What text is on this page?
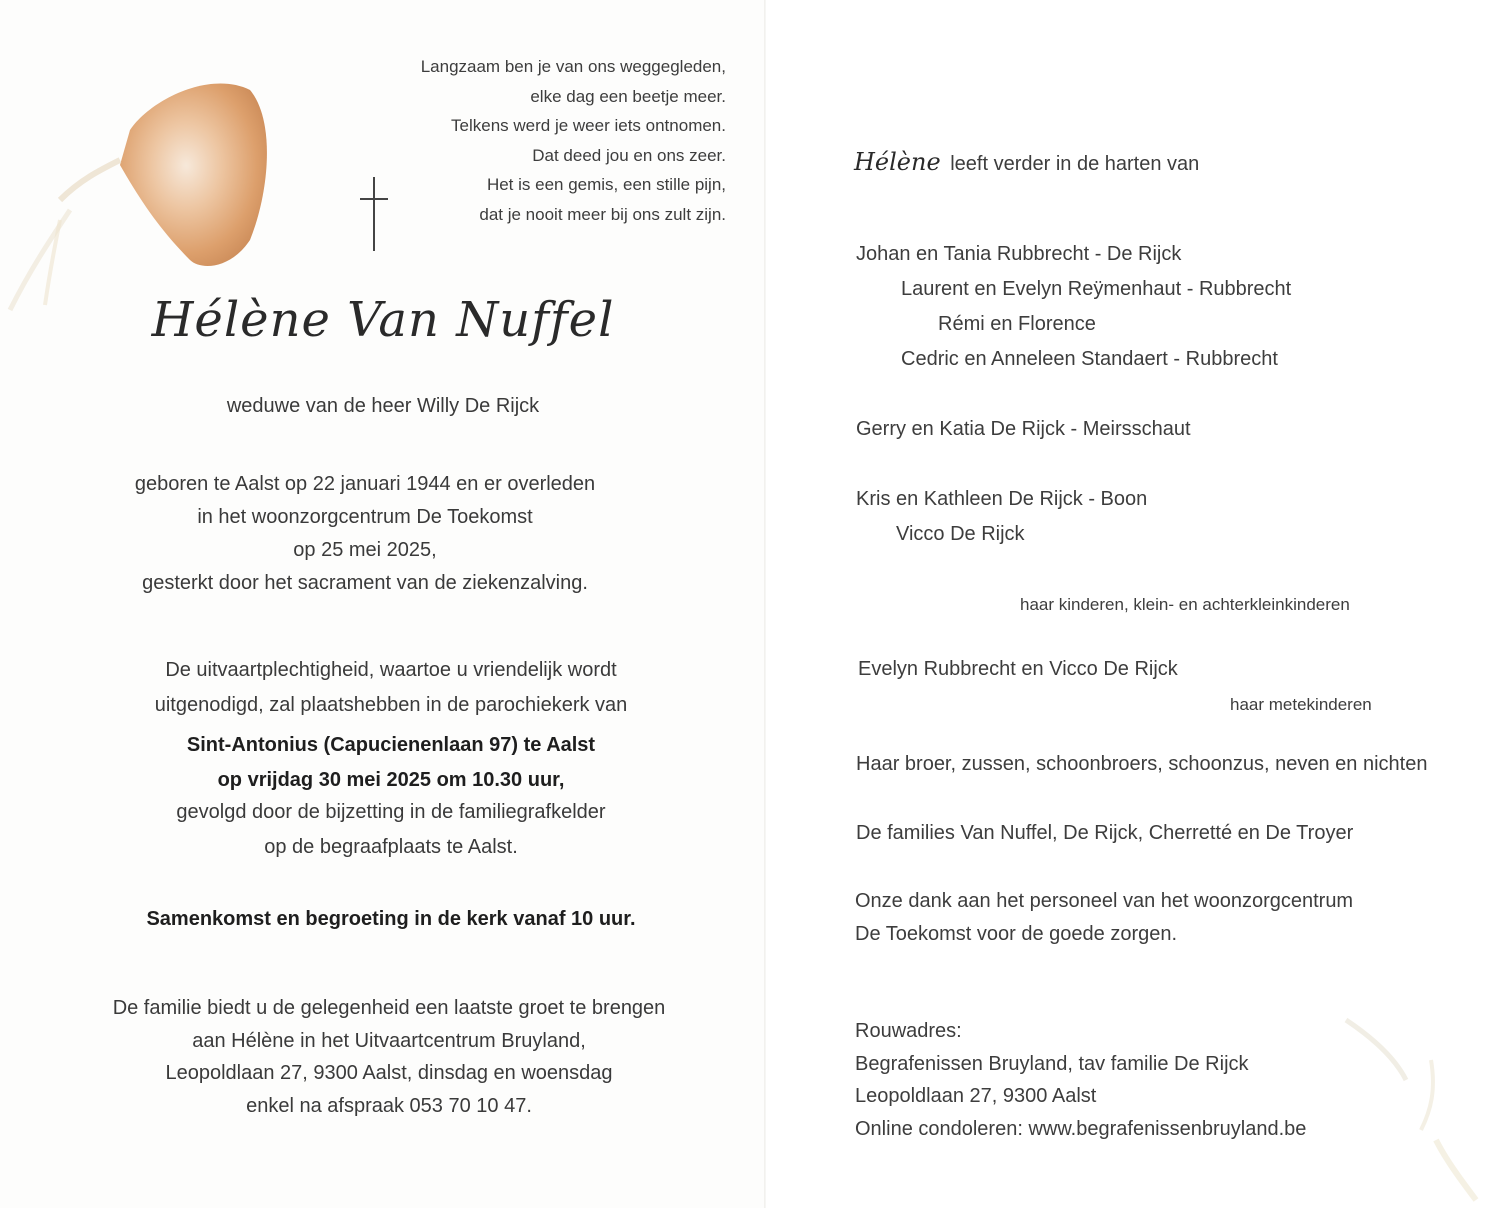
Langzaam ben je van ons weggegleden,
elke dag een beetje meer.
Telkens werd je weer iets ontnomen.
Dat deed jou en ons zeer.
Het is een gemis, een stille pijn,
dat je nooit meer bij ons zult zijn.
Hélène Van Nuffel
weduwe van de heer Willy De Rijck
geboren te Aalst op 22 januari 1944 en er overleden
in het woonzorgcentrum De Toekomst
op 25 mei 2025,
gesterkt door het sacrament van de ziekenzalving.
De uitvaartplechtigheid, waartoe u vriendelijk wordt
uitgenodigd, zal plaatshebben in de parochiekerk van
Sint-Antonius (Capucienenlaan 97) te Aalst
op vrijdag 30 mei 2025 om 10.30 uur,
gevolgd door de bijzetting in de familiegrafkelder
op de begraafplaats te Aalst.
Samenkomst en begroeting in de kerk vanaf 10 uur.
De familie biedt u de gelegenheid een laatste groet te brengen
aan Hélène in het Uitvaartcentrum Bruyland,
Leopoldlaan 27, 9300 Aalst, dinsdag en woensdag
enkel na afspraak 053 70 10 47.
Hélène leeft verder in de harten van
Johan en Tania Rubbrecht - De Rijck
Laurent en Evelyn Reÿmenhaut - Rubbrecht
Rémi en Florence
Cedric en Anneleen Standaert - Rubbrecht
Gerry en Katia De Rijck - Meirsschaut
Kris en Kathleen De Rijck - Boon
Vicco De Rijck
haar kinderen, klein- en achterkleinkinderen
Evelyn Rubbrecht en Vicco De Rijck
haar metekinderen
Haar broer, zussen, schoonbroers, schoonzus, neven en nichten
De families Van Nuffel, De Rijck, Cherretté en De Troyer
Onze dank aan het personeel van het woonzorgcentrum
De Toekomst voor de goede zorgen.
Rouwadres:
Begrafenissen Bruyland, tav familie De Rijck
Leopoldlaan 27, 9300 Aalst
Online condoleren: www.begrafenissenbruyland.be
